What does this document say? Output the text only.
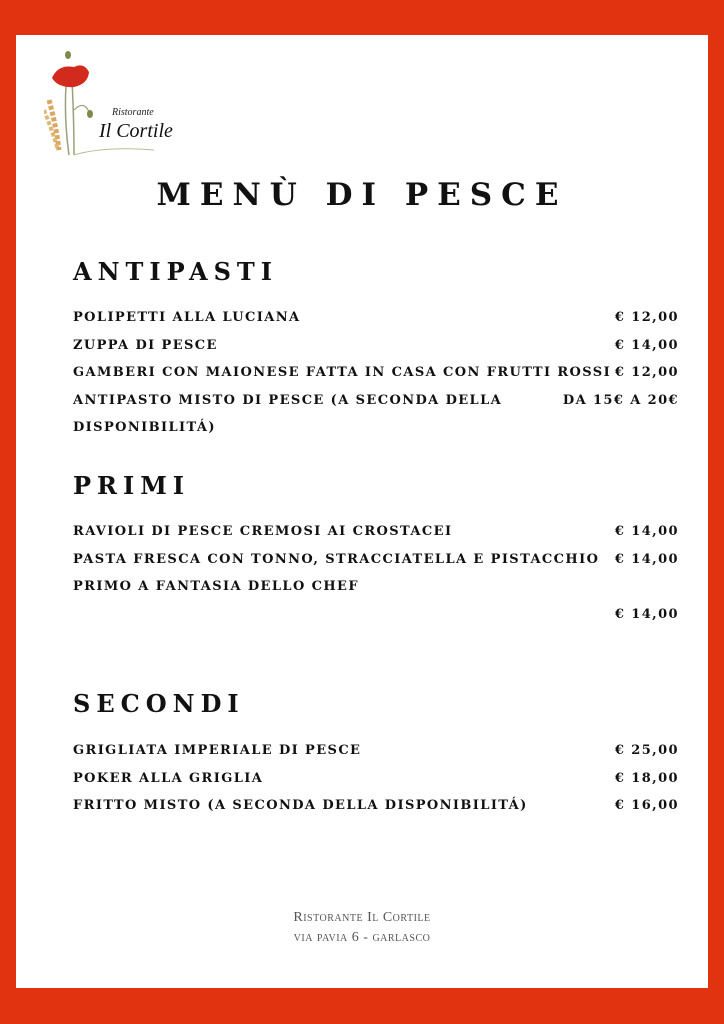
Ristorante
Il Cortile
MENÙ DI PESCE
ANTIPASTI
POLIPETTI ALLA LUCIANA	€ 12,00
ZUPPA DI PESCE	€ 14,00
GAMBERI CON MAIONESE FATTA IN CASA CON FRUTTI ROSSI € 12,00
ANTIPASTO MISTO DI PESCE (A SECONDA DELLA	DA 15€ A 20€
DISPONIBILITÁ)
PRIMI
RAVIOLI DI PESCE CREMOSI AI CROSTACEI	€ 14,00
PASTA FRESCA CON TONNO, STRACCIATELLA E PISTACCHIO € 14,00
PRIMO A FANTASIA DELLO CHEF
€ 14,00
SECONDI
GRIGLIATA IMPERIALE DI PESCE	€ 25,00
POKER ALLA GRIGLIA	€ 18,00
FRITTO MISTO (A SECONDA DELLA DISPONIBILITÁ)	€ 16,00
Ristorante Il Cortile
via pavia 6 - garlasco
